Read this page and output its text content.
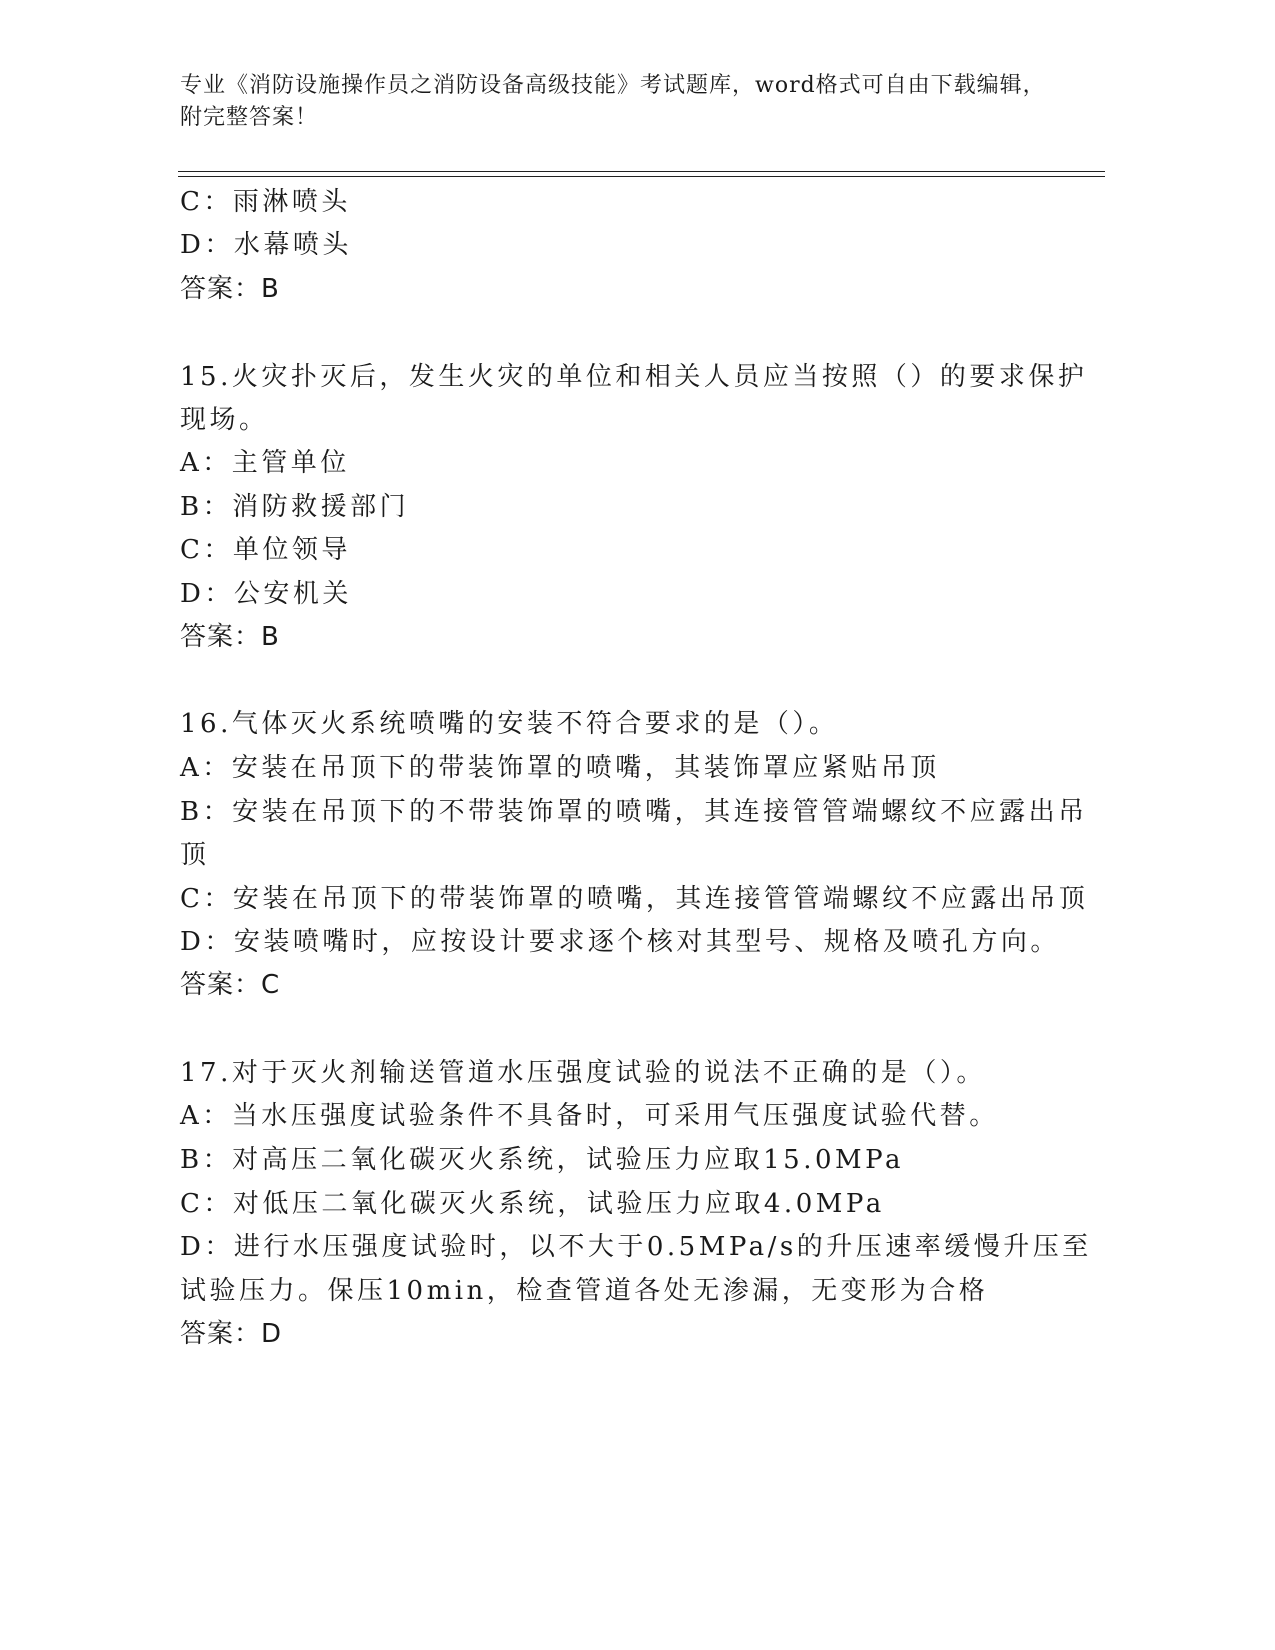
专业《消防设施操作员之消防设备高级技能》考试题库，word格式可自由下载编辑，附完整答案！
C：雨淋喷头
D：水幕喷头
答案：B
15.火灾扑灭后，发生火灾的单位和相关人员应当按照（）的要求保护
现场。
A：主管单位
B：消防救援部门
C：单位领导
D：公安机关
答案：B
16.气体灭火系统喷嘴的安装不符合要求的是（）。
A：安装在吊顶下的带装饰罩的喷嘴，其装饰罩应紧贴吊顶
B：安装在吊顶下的不带装饰罩的喷嘴，其连接管管端螺纹不应露出吊
顶
C：安装在吊顶下的带装饰罩的喷嘴，其连接管管端螺纹不应露出吊顶
D：安装喷嘴时，应按设计要求逐个核对其型号、规格及喷孔方向。
答案：C
17.对于灭火剂输送管道水压强度试验的说法不正确的是（）。
A：当水压强度试验条件不具备时，可采用气压强度试验代替。
B：对高压二氧化碳灭火系统，试验压力应取15.0MPa
C：对低压二氧化碳灭火系统，试验压力应取4.0MPa
D：进行水压强度试验时，以不大于0.5MPa/s的升压速率缓慢升压至
试验压力。保压10min，检查管道各处无渗漏，无变形为合格
答案：D
